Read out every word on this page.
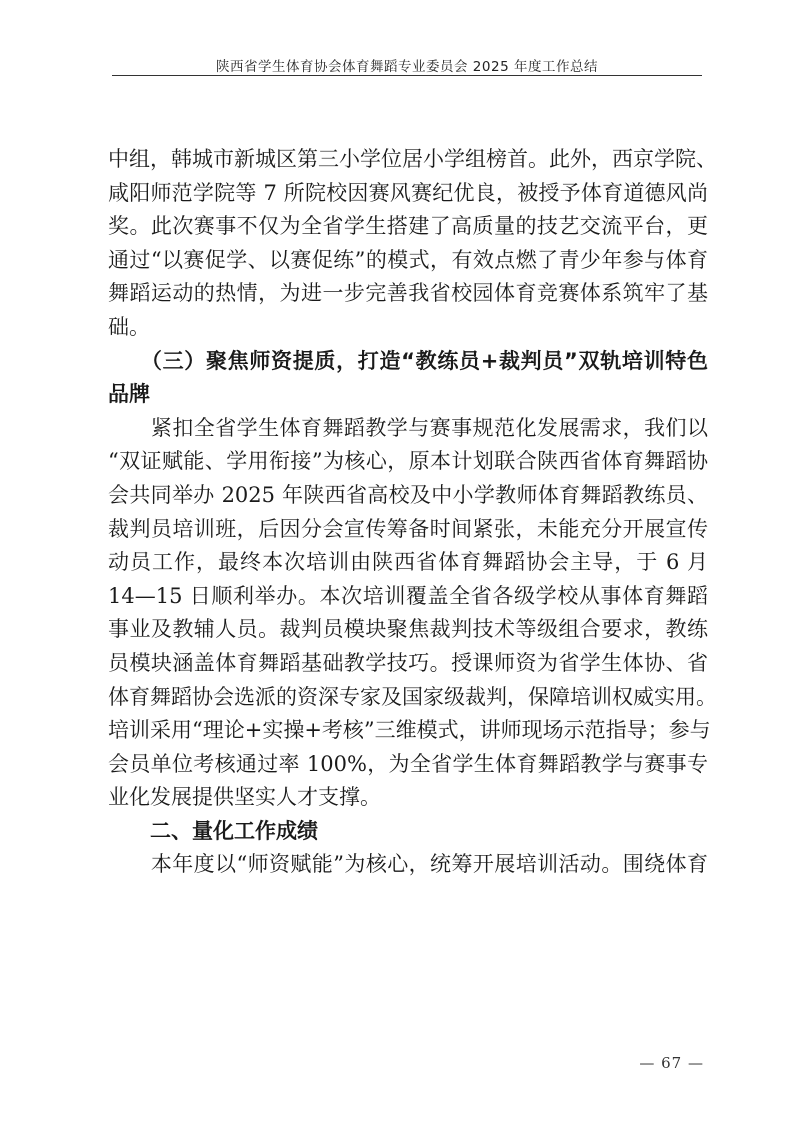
陕西省学生体育协会体育舞蹈专业委员会 2025 年度工作总结
中组，韩城市新城区第三小学位居小学组榜首。此外，西京学院、
咸阳师范学院等 7 所院校因赛风赛纪优良，被授予体育道德风尚
奖。此次赛事不仅为全省学生搭建了高质量的技艺交流平台，更
通过“以赛促学、以赛促练”的模式，有效点燃了青少年参与体育
舞蹈运动的热情，为进一步完善我省校园体育竞赛体系筑牢了基
础。
　　（三）聚焦师资提质，打造“教练员+裁判员”双轨培训特色
品牌
　　紧扣全省学生体育舞蹈教学与赛事规范化发展需求，我们以
“双证赋能、学用衔接”为核心，原本计划联合陕西省体育舞蹈协
会共同举办 2025 年陕西省高校及中小学教师体育舞蹈教练员、
裁判员培训班，后因分会宣传筹备时间紧张，未能充分开展宣传
动员工作，最终本次培训由陕西省体育舞蹈协会主导，于 6 月
14—15 日顺利举办。本次培训覆盖全省各级学校从事体育舞蹈
事业及教辅人员。裁判员模块聚焦裁判技术等级组合要求，教练
员模块涵盖体育舞蹈基础教学技巧。授课师资为省学生体协、省
体育舞蹈协会选派的资深专家及国家级裁判，保障培训权威实用。
培训采用“理论+实操+考核”三维模式，讲师现场示范指导；参与
会员单位考核通过率 100%，为全省学生体育舞蹈教学与赛事专
业化发展提供坚实人才支撑。
　　二、量化工作成绩
　　本年度以“师资赋能”为核心，统筹开展培训活动。围绕体育
— 67 —
